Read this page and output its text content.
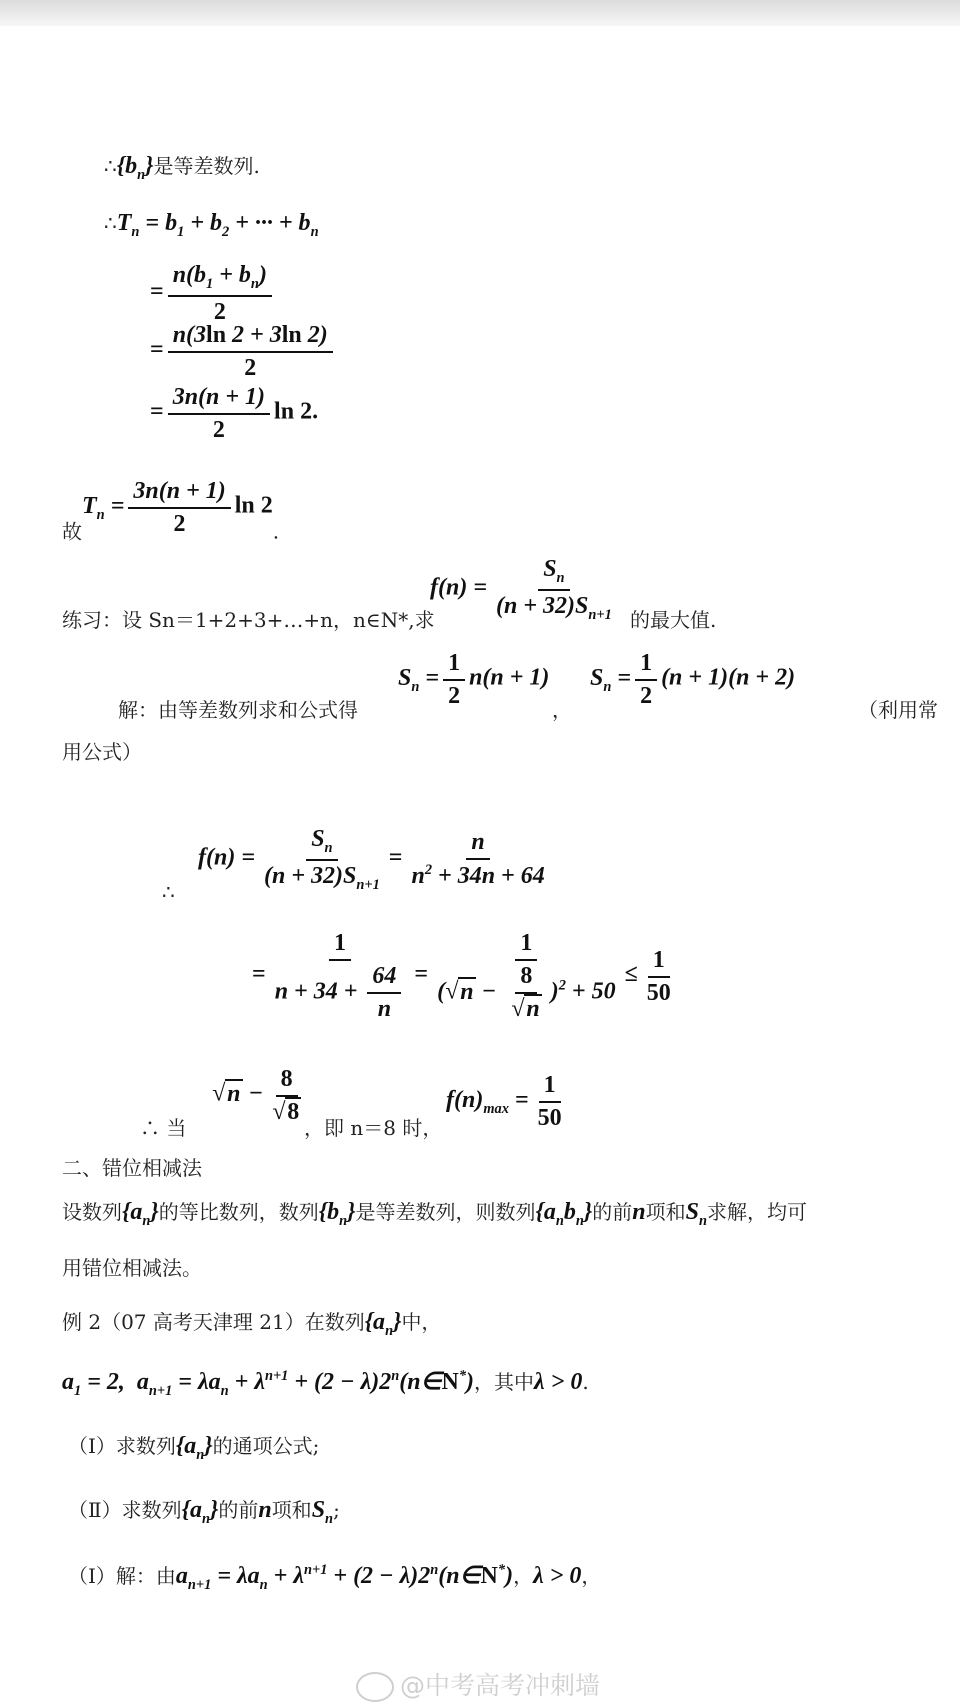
$\therefore\{b_n\}$是等差数列.
$\therefore T_n = b_1 + b_2$ + ··· + $b_n$
= $\frac{n(b_1 + b_n)}{2}$
= $\frac{n(3\ln 2 + 3\ln 2)}{2}$
= $\frac{3n(n + 1)}{2}$ ln 2.
故$T_n = \frac{3n(n + 1)}{2}$ ln 2.
练习：设 Sn＝1+2+3+…+n，n∈N*,求
$f(n) = \frac{S_n}{(n + 32)S_{n+1}}$ 的最大值.
解：由等差数列求和公式得
$S_n = \frac{1}{2} n(n + 1)$
，
$S_n = \frac{1}{2} (n + 1)(n + 2)$
（利用常
用公式）
∴
$f(n) = \frac{S_n}{(n + 32)S_{n+1}} = \frac{n}{n^2 + 34n + 64}$
= $\frac{1}{n + 34 + \frac{64}{n}} = \frac{1}{(√n - \frac{8}{√n} )^2 + 50} \le \frac{1}{50}$
∴ 当
$√n - \frac{8}{√8}$
，即 n＝8 时，
$f(n)_{max} = \frac{1}{50}$
二、错位相减法
设数列$\{a_n\}$的等比数列，数列$\{b_n\}$是等差数列，则数列$\{a_nb_n\}$的前n项和$S_n$求解，均可
用错位相减法。
例 2（07 高考天津理 21）在数列$\{a_n\}$中，
$a_1 = 2$,  $a_{n+1} = \lambda a_n + \lambda^{n+1} + (2$ − $\lambda)2^n(n\in N^*)$，其中λ > 0.
（Ⅰ）求数列$\{a_n\}$的通项公式;
（Ⅱ）求数列$\{a_n\}$的前n项和$S_n$;
（Ⅰ）解：由$a_{n+1} = \lambda a_n + \lambda^{n+1} + (2$ − $\lambda)2^n(n\in N^*)$，λ > 0，
@中考高考冲刺墙
